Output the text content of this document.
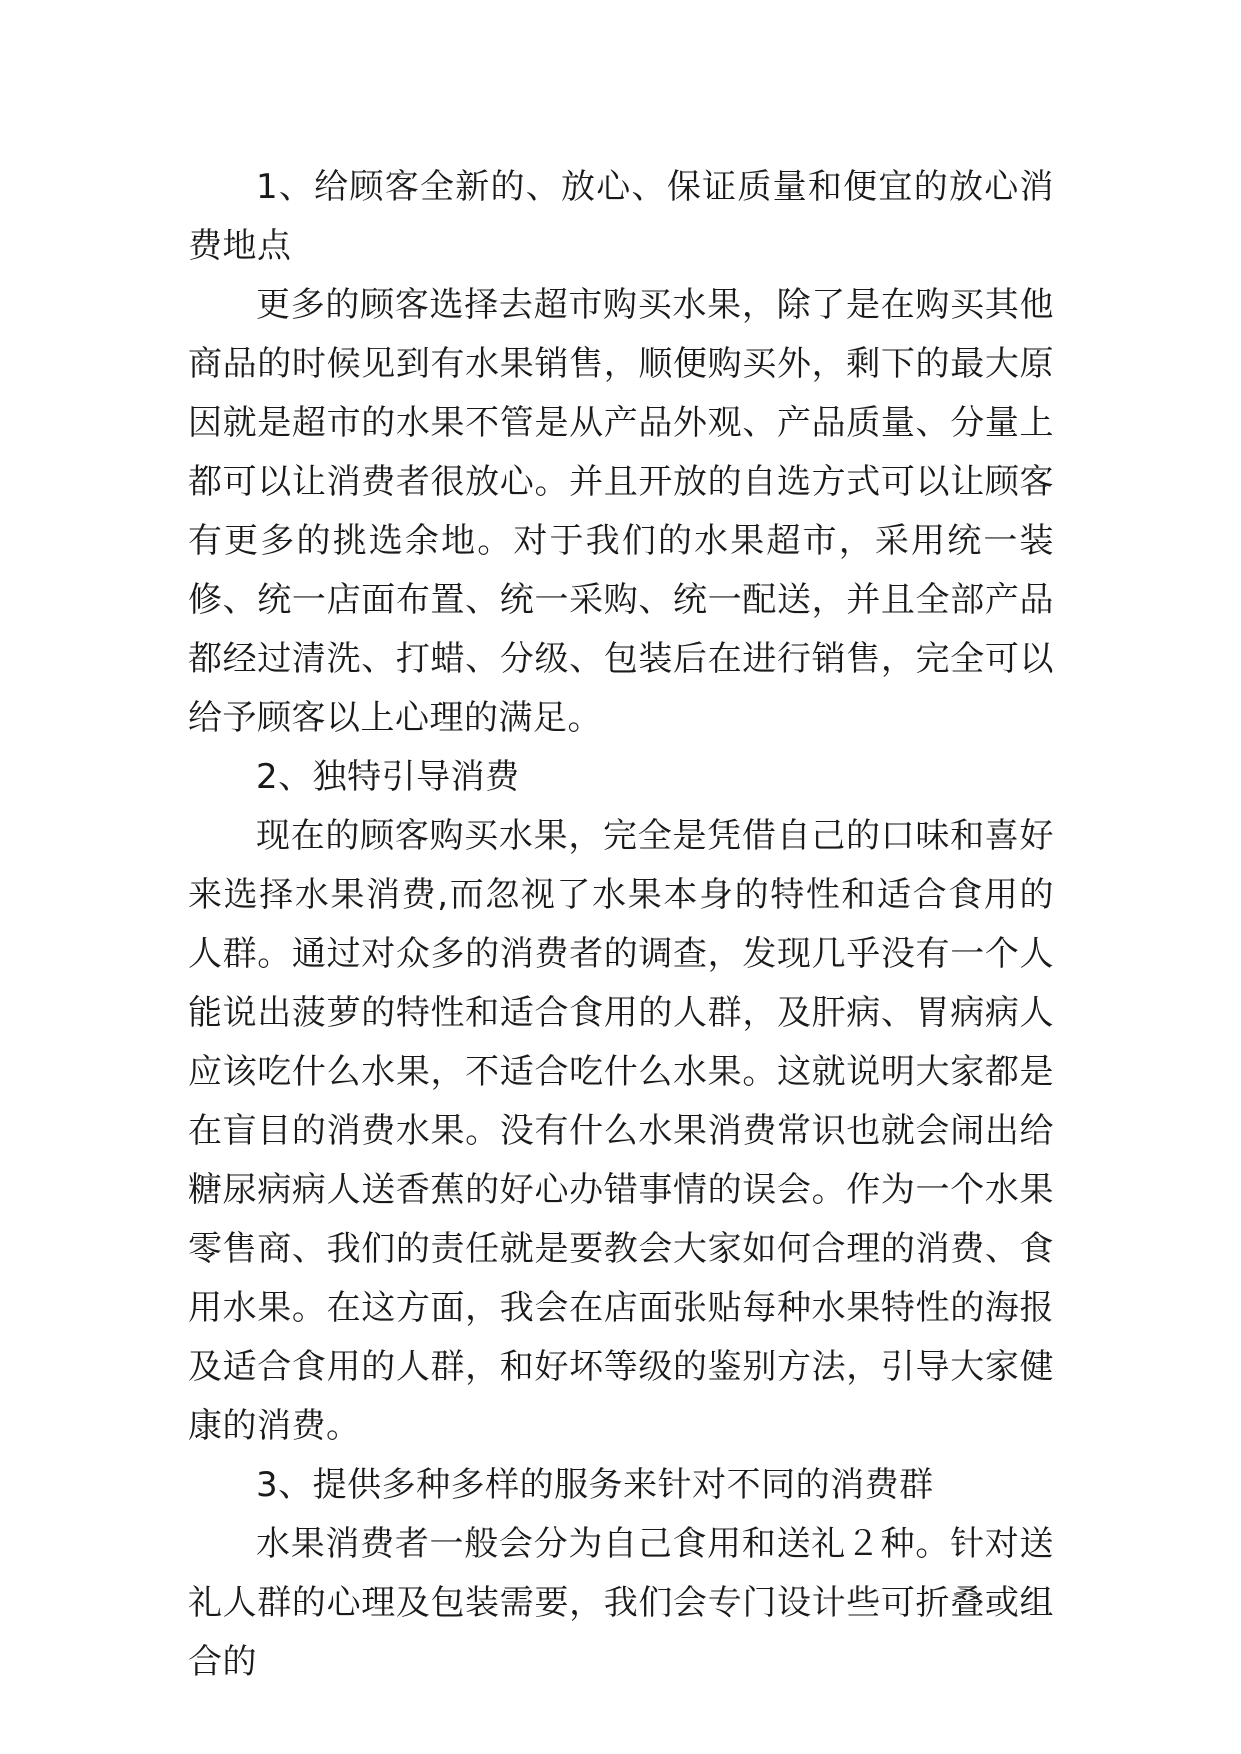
1、给顾客全新的、放心、保证质量和便宜的放心消费地点

更多的顾客选择去超市购买水果，除了是在购买其他商品的时候见到有水果销售，顺便购买外，剩下的最大原因就是超市的水果不管是从产品外观、产品质量、分量上都可以让消费者很放心。并且开放的自选方式可以让顾客有更多的挑选余地。对于我们的水果超市，采用统一装修、统一店面布置、统一采购、统一配送，并且全部产品都经过清洗、打蜡、分级、包装后在进行销售，完全可以给予顾客以上心理的满足。

2、独特引导消费

现在的顾客购买水果，完全是凭借自己的口味和喜好来选择水果消费,而忽视了水果本身的特性和适合食用的人群。通过对众多的消费者的调查，发现几乎没有一个人能说出菠萝的特性和适合食用的人群，及肝病、胃病病人应该吃什么水果，不适合吃什么水果。这就说明大家都是在盲目的消费水果。没有什么水果消费常识也就会闹出给糖尿病病人送香蕉的好心办错事情的误会。作为一个水果零售商、我们的责任就是要教会大家如何合理的消费、食用水果。在这方面，我会在店面张贴每种水果特性的海报及适合食用的人群，和好坏等级的鉴别方法，引导大家健康的消费。

3、提供多种多样的服务来针对不同的消费群

水果消费者一般会分为自己食用和送礼２种。针对送礼人群的心理及包装需要，我们会专门设计些可折叠或组合的
